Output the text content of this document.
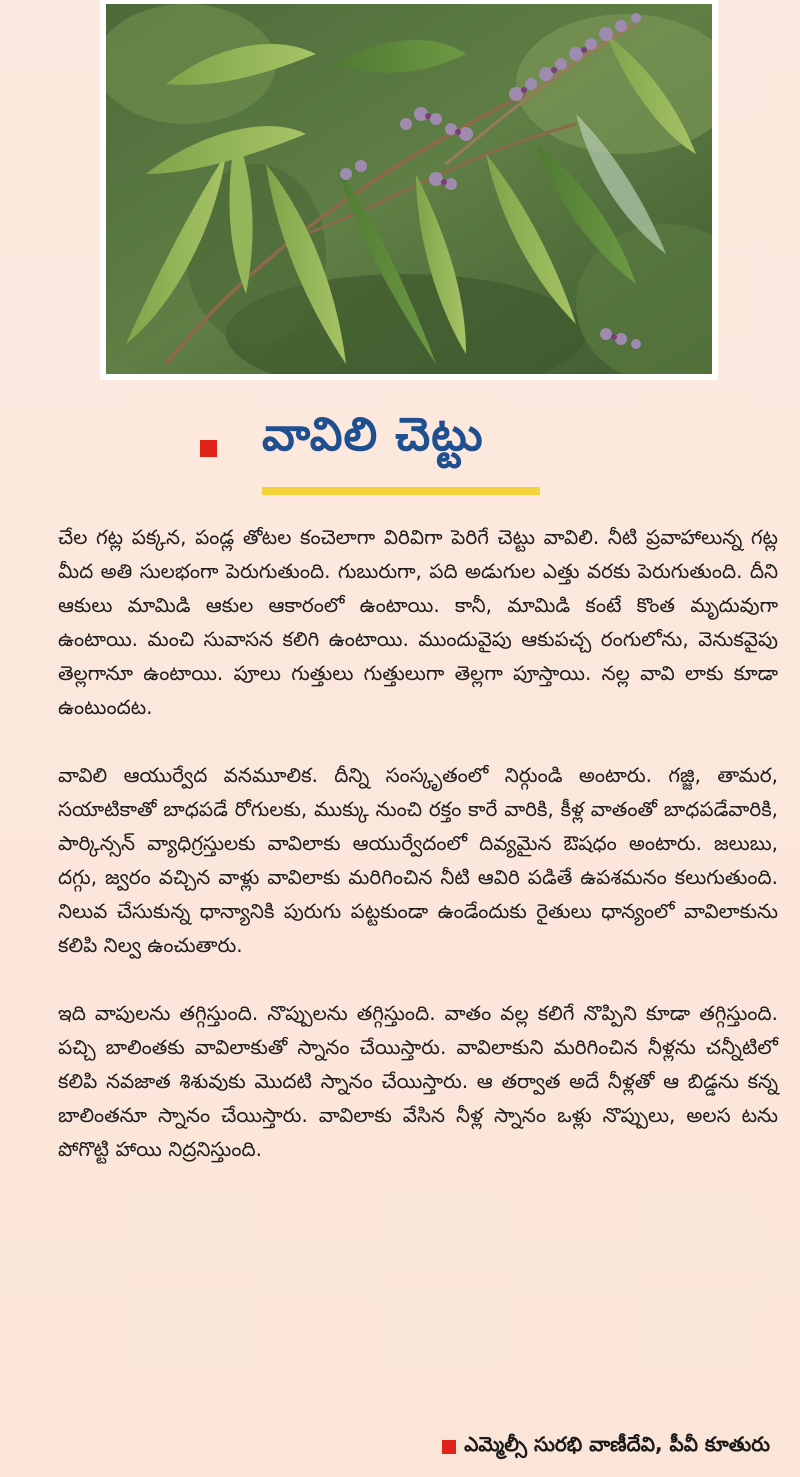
వావిలి చెట్టు

చేల గట్ల పక్కన, పండ్ల తోటల కంచెలాగా విరివిగా పెరిగే చెట్టు వావిలి. నీటి ప్రవాహాలున్న గట్ల మీద అతి సులభంగా పెరుగుతుంది. గుబురుగా, పది అడుగుల ఎత్తు వరకు పెరుగుతుంది. దీని ఆకులు మామిడి ఆకుల ఆకారంలో ఉంటాయి. కానీ, మామిడి కంటే కొంత మృదువుగా ఉంటాయి. మంచి సువాసన కలిగి ఉంటాయి. ముందువైపు ఆకుపచ్చ రంగులోను, వెనుకవైపు తెల్లగానూ ఉంటాయి. పూలు గుత్తులు గుత్తులుగా తెల్లగా పూస్తాయి. నల్ల వావి లాకు కూడా ఉంటుందట.

వావిలి ఆయుర్వేద వనమూలిక. దీన్ని సంస్కృతంలో నిర్గుండి అంటారు. గజ్జి, తామర, సయాటికాతో బాధపడే రోగులకు, ముక్కు నుంచి రక్తం కారే వారికి, కీళ్ల వాతంతో బాధపడేవారికి, పార్కిన్సన్ వ్యాధిగ్రస్తులకు వావిలాకు ఆయుర్వేదంలో దివ్యమైన ఔషధం అంటారు. జలుబు, దగ్గు, జ్వరం వచ్చిన వాళ్లు వావిలాకు మరిగించిన నీటి ఆవిరి పడితే ఉపశమనం కలుగుతుంది. నిలువ చేసుకున్న ధాన్యానికి పురుగు పట్టకుండా ఉండేందుకు రైతులు ధాన్యంలో వావిలాకును కలిపి నిల్వ ఉంచుతారు.

ఇది వాపులను తగ్గిస్తుంది. నొప్పులను తగ్గిస్తుంది. వాతం వల్ల కలిగే నొప్పిని కూడా తగ్గిస్తుంది. పచ్చి బాలింతకు వావిలాకుతో స్నానం చేయిస్తారు. వావిలాకుని మరిగించిన నీళ్లను చన్నీటిలో కలిపి నవజాత శిశువుకు మొదటి స్నానం చేయిస్తారు. ఆ తర్వాత అదే నీళ్లతో ఆ బిడ్డను కన్న బాలింతనూ స్నానం చేయిస్తారు. వావిలాకు వేసిన నీళ్ల స్నానం ఒళ్లు నొప్పులు, అలస టను పోగొట్టి హాయి నిద్రనిస్తుంది.

ఎమ్మెల్సీ సురభి వాణీదేవి, పీవీ కూతురు
